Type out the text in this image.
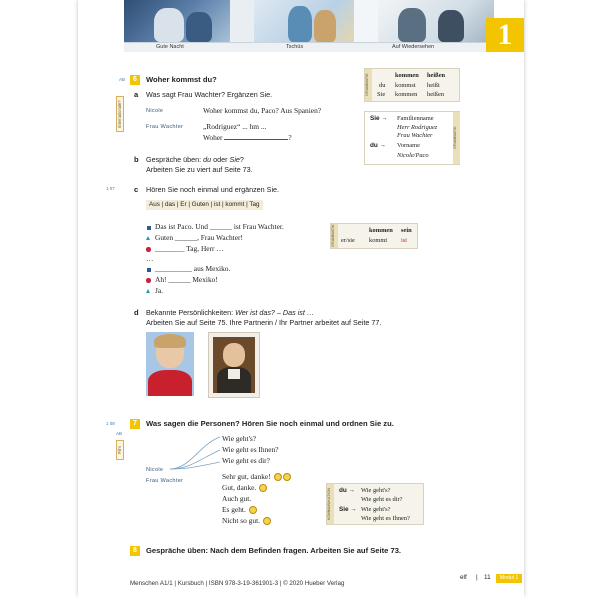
Gute Nacht	Tschüs	Auf Wiedersehen	1
AB	6	Woher kommst du?
a Was sagt Frau Wachter? Ergänzen Sie.
Internationale?	Nicole	Woher kommst du, Paco? Aus Spanien?
Frau Wachter	„Rodriguez“ ... hm ...
Woher	?
b Gespräche üben: du oder Sie?
Arbeiten Sie zu viert auf Seite 73.
1 07	c Hören Sie noch einmal und ergänzen Sie.
Aus | das | Er | Guten | ist | kommt | Tag
Das ist Paco. Und ______ ist Frau Wachter.
Guten ______, Frau Wachter!
________ Tag, Herr …
…
__________ aus Mexiko.
Ah! ______ Mexiko!
Ja.
d Bekannte Persönlichkeiten: Wer ist das? – Das ist …
Arbeiten Sie auf Seite 75. Ihre Partnerin / Ihr Partner arbeitet auf Seite 77.
GRAMMATIK	kommen heißen
du kommst heißt
Sie kommen heißen
GRAMMATIK
Sie → Familienname
Herr Rodriguez
Frau Wachter
du → Vorname
Nicole/Paco
GRAMMATIK	kommen sein
er/sie kommt ist
1 08
AB
Film
7	Was sagen die Personen? Hören Sie noch einmal und ordnen Sie zu.
Nicole
Frau Wachter
Wie geht's?
Wie geht es Ihnen?
Wie geht es dir?
Sehr gut, danke!
Gut, danke.
Auch gut.
Es geht.
Nicht so gut.
KOMMUNIKATION	du → Wie geht's?
Wie geht es dir?
Sie → Wie geht's?
Wie geht es Ihnen?
8	Gespräche üben: Nach dem Befinden fragen. Arbeiten Sie auf Seite 73.
Menschen A1/1 | Kursbuch | ISBN 978-3-19-361901-3 | © 2020 Hueber Verlag
elf | 11	Modul 1
